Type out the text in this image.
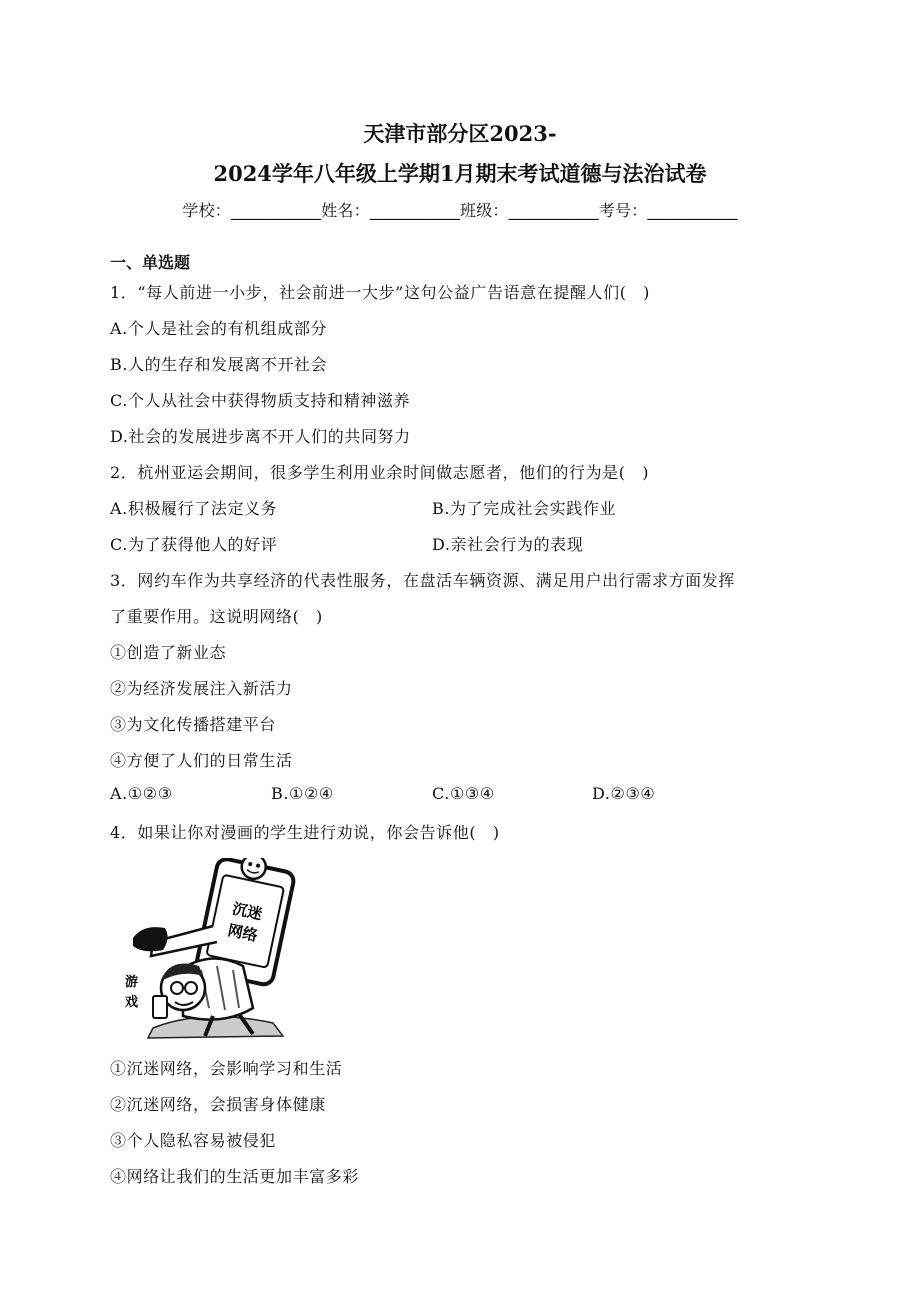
天津市部分区2023-
2024学年八年级上学期1月期末考试道德与法治试卷
学校：___________姓名：___________班级：___________考号：___________
一、单选题
1．“每人前进一小步，社会前进一大步”这句公益广告语意在提醒人们(　)
A.个人是社会的有机组成部分
B.人的生存和发展离不开社会
C.个人从社会中获得物质支持和精神滋养
D.社会的发展进步离不开人们的共同努力
2．杭州亚运会期间，很多学生利用业余时间做志愿者，他们的行为是(　)
A.积极履行了法定义务	B.为了完成社会实践作业
C.为了获得他人的好评	D.亲社会行为的表现
3．网约车作为共享经济的代表性服务，在盘活车辆资源、满足用户出行需求方面发挥
了重要作用。这说明网络(　)
①创造了新业态
②为经济发展注入新活力
③为文化传播搭建平台
④方便了人们的日常生活
A.①②③	B.①②④	C.①③④	D.②③④
4．如果让你对漫画的学生进行劝说，你会告诉他(　)
沉迷
网络
游
戏
①沉迷网络，会影响学习和生活
②沉迷网络，会损害身体健康
③个人隐私容易被侵犯
④网络让我们的生活更加丰富多彩
